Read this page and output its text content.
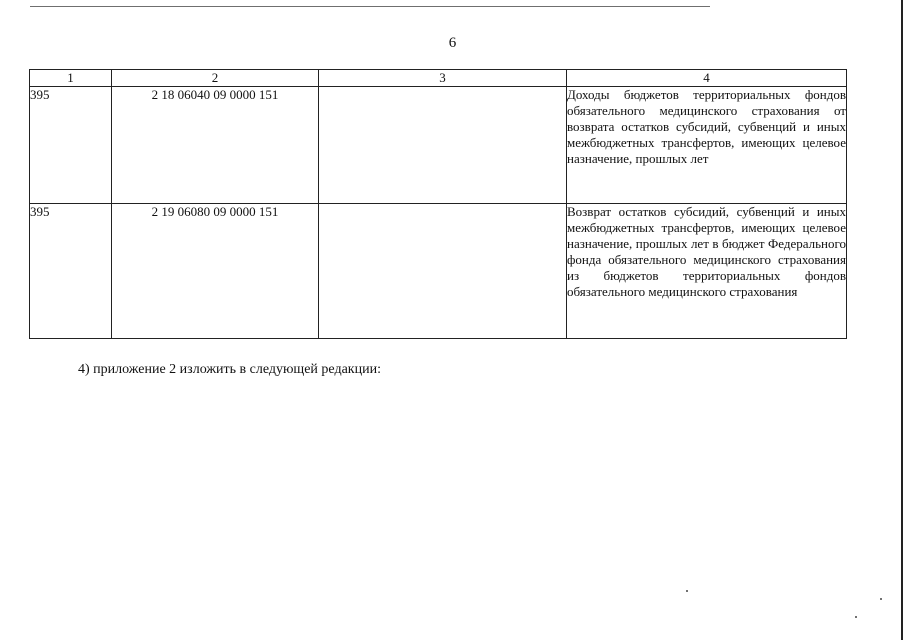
6
1	2	3	4
395	2 18 06040 09 0000 151		Доходы бюджетов территориальных фондов обязательного медицинского страхования от возврата остатков субсидий, субвенций и иных межбюджетных трансфертов, имеющих целевое назначение, прошлых лет
395	2 19 06080 09 0000 151		Возврат остатков субсидий, субвенций и иных межбюджетных трансфертов, имеющих целевое назначение, прошлых лет в бюджет Федерального фонда обязательного медицинского страхования из бюджетов территориальных фондов обязательного медицинского страхования
4) приложение 2 изложить в следующей редакции:
